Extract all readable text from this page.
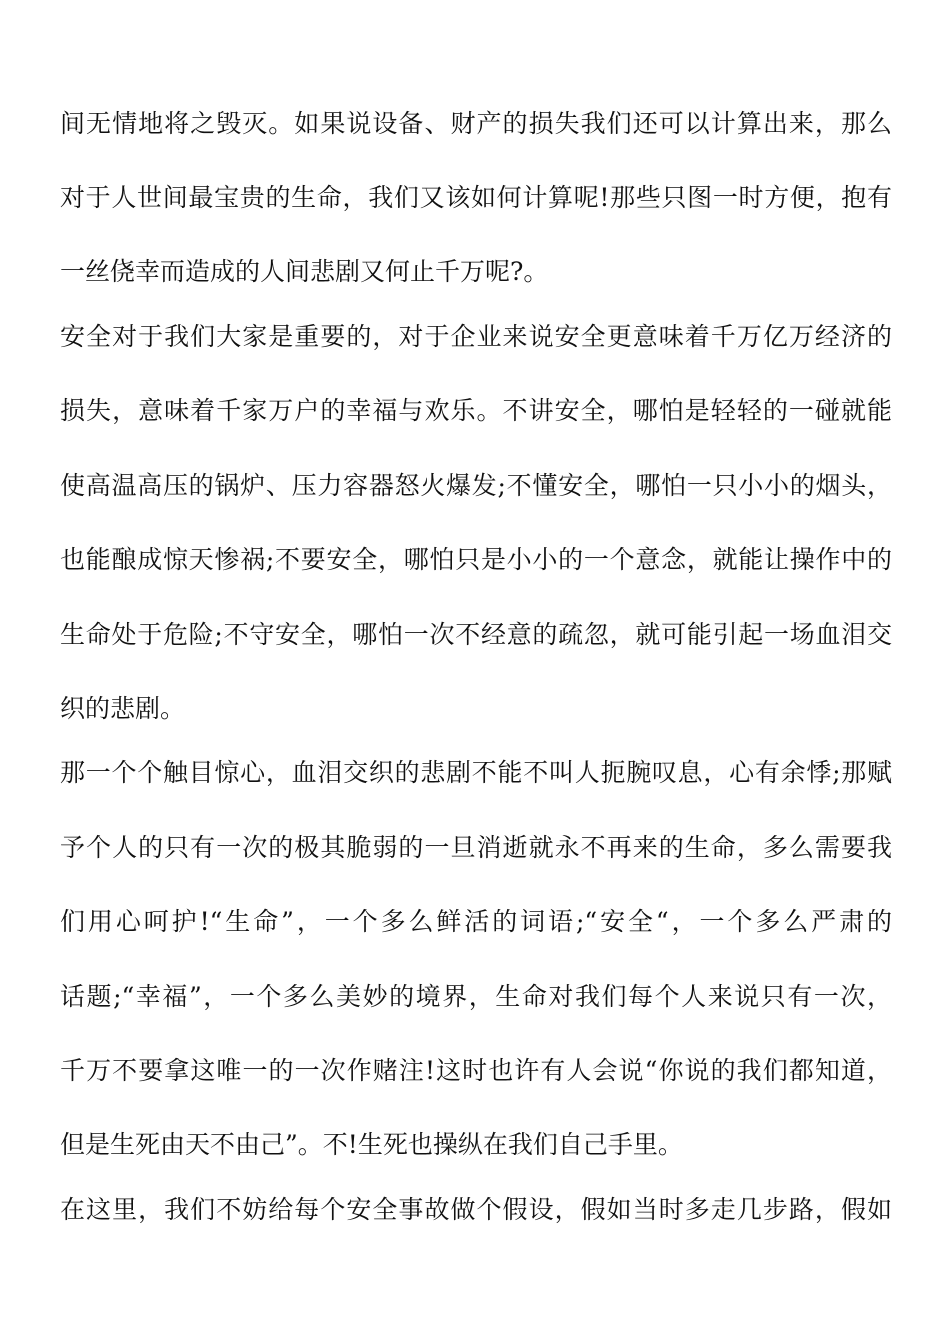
间无情地将之毁灭。如果说设备、财产的损失我们还可以计算出来，那么
对于人世间最宝贵的生命，我们又该如何计算呢!那些只图一时方便，抱有
一丝侥幸而造成的人间悲剧又何止千万呢?。
安全对于我们大家是重要的，对于企业来说安全更意味着千万亿万经济的
损失，意味着千家万户的幸福与欢乐。不讲安全，哪怕是轻轻的一碰就能
使高温高压的锅炉、压力容器怒火爆发;不懂安全，哪怕一只小小的烟头，
也能酿成惊天惨祸;不要安全，哪怕只是小小的一个意念，就能让操作中的
生命处于危险;不守安全，哪怕一次不经意的疏忽，就可能引起一场血泪交
织的悲剧。
那一个个触目惊心，血泪交织的悲剧不能不叫人扼腕叹息，心有余悸;那赋
予个人的只有一次的极其脆弱的一旦消逝就永不再来的生命，多么需要我
们用心呵护!“生命”，一个多么鲜活的词语;“安全“，一个多么严肃的
话题;“幸福”，一个多么美妙的境界，生命对我们每个人来说只有一次，
千万不要拿这唯一的一次作赌注!这时也许有人会说“你说的我们都知道，
但是生死由天不由己”。不!生死也操纵在我们自己手里。
在这里，我们不妨给每个安全事故做个假设，假如当时多走几步路，假如
